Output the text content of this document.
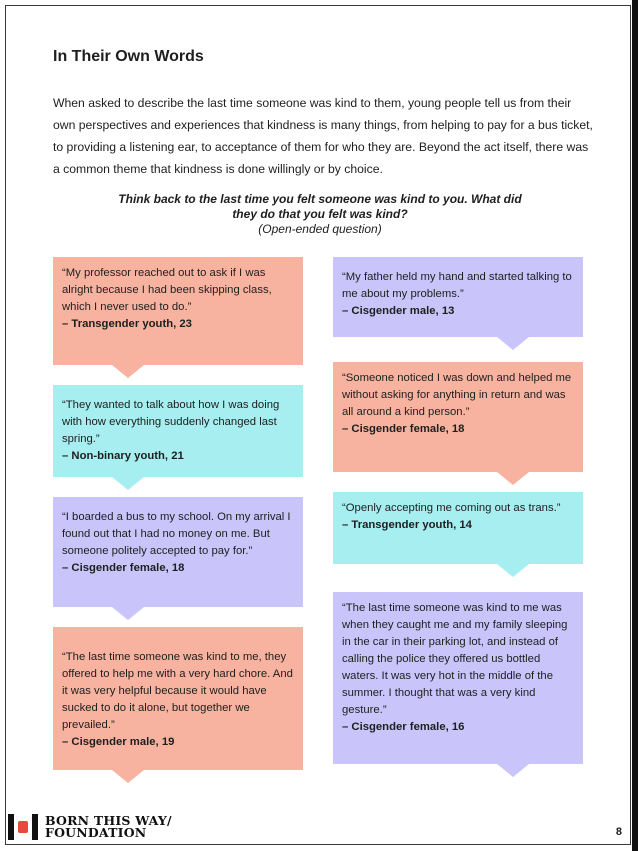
In Their Own Words

When asked to describe the last time someone was kind to them, young people tell us from their own perspectives and experiences that kindness is many things, from helping to pay for a bus ticket, to providing a listening ear, to acceptance of them for who they are. Beyond the act itself, there was a common theme that kindness is done willingly or by choice.

Think back to the last time you felt someone was kind to you. What did they do that you felt was kind?
(Open-ended question)
“My professor reached out to ask if I was alright because I had been skipping class, which I never used to do.”
– Transgender youth, 23
“They wanted to talk about how I was doing with how everything suddenly changed last spring.”
– Non-binary youth, 21
“I boarded a bus to my school. On my arrival I found out that I had no money on me. But someone politely accepted to pay for.”
– Cisgender female, 18
“The last time someone was kind to me, they offered to help me with a very hard chore. And it was very helpful because it would have sucked to do it alone, but together we prevailed.”
– Cisgender male, 19
“My father held my hand and started talking to me about my problems.”
– Cisgender male, 13
“Someone noticed I was down and helped me without asking for anything in return and was all around a kind person.”
– Cisgender female, 18
“Openly accepting me coming out as trans.”
– Transgender youth, 14
“The last time someone was kind to me was when they caught me and my family sleeping in the car in their parking lot, and instead of calling the police they offered us bottled waters. It was very hot in the middle of the summer. I thought that was a very kind gesture.”
– Cisgender female, 16
BORN THIS WAY/
FOUNDATION	8
